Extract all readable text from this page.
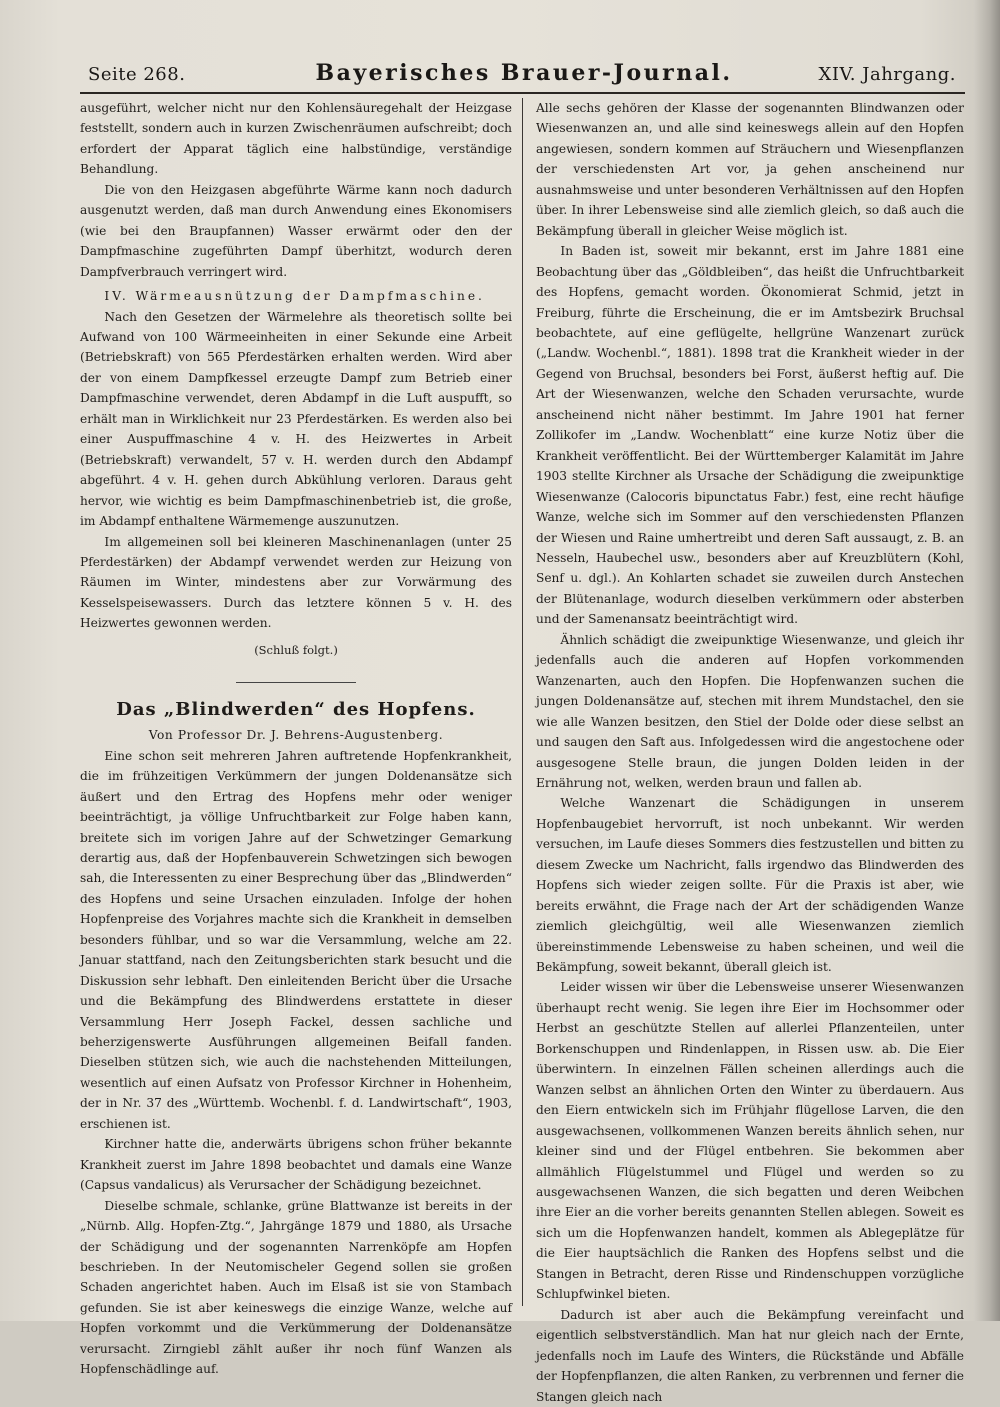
Seite 268.	Bayerisches Brauer-Journal.	XIV. Jahrgang.

ausgeführt, welcher nicht nur den Kohlensäuregehalt der Heizgase feststellt, sondern auch in kurzen Zwischenräumen aufschreibt; doch erfordert der Apparat täglich eine halbstündige, verständige Behandlung.

Die von den Heizgasen abgeführte Wärme kann noch dadurch ausgenutzt werden, daß man durch Anwendung eines Ekonomisers (wie bei den Braupfannen) Wasser erwärmt oder den der Dampfmaschine zugeführten Dampf überhitzt, wodurch deren Dampfverbrauch verringert wird.

IV. Wärmeausnützung der Dampfmaschine.

Nach den Gesetzen der Wärmelehre als theoretisch sollte bei Aufwand von 100 Wärmeeinheiten in einer Sekunde eine Arbeit (Betriebskraft) von 565 Pferdestärken erhalten werden. Wird aber der von einem Dampfkessel erzeugte Dampf zum Betrieb einer Dampfmaschine verwendet, deren Abdampf in die Luft auspufft, so erhält man in Wirklichkeit nur 23 Pferdestärken. Es werden also bei einer Auspuffmaschine 4 v. H. des Heizwertes in Arbeit (Betriebskraft) verwandelt, 57 v. H. werden durch den Abdampf abgeführt. 4 v. H. gehen durch Abkühlung verloren. Daraus geht hervor, wie wichtig es beim Dampfmaschinenbetrieb ist, die große, im Abdampf enthaltene Wärmemenge auszunutzen.

Im allgemeinen soll bei kleineren Maschinenanlagen (unter 25 Pferdestärken) der Abdampf verwendet werden zur Heizung von Räumen im Winter, mindestens aber zur Vorwärmung des Kesselspeisewassers. Durch das letztere können 5 v. H. des Heizwertes gewonnen werden.

(Schluß folgt.)

Das „Blindwerden“ des Hopfens.

Von Professor Dr. J. Behrens-Augustenberg.

Eine schon seit mehreren Jahren auftretende Hopfenkrankheit, die im frühzeitigen Verkümmern der jungen Doldenansätze sich äußert und den Ertrag des Hopfens mehr oder weniger beeinträchtigt, ja völlige Unfruchtbarkeit zur Folge haben kann, breitete sich im vorigen Jahre auf der Schwetzinger Gemarkung derartig aus, daß der Hopfenbauverein Schwetzingen sich bewogen sah, die Interessenten zu einer Besprechung über das „Blindwerden“ des Hopfens und seine Ursachen einzuladen. Infolge der hohen Hopfenpreise des Vorjahres machte sich die Krankheit in demselben besonders fühlbar, und so war die Versammlung, welche am 22. Januar stattfand, nach den Zeitungsberichten stark besucht und die Diskussion sehr lebhaft. Den einleitenden Bericht über die Ursache und die Bekämpfung des Blindwerdens erstattete in dieser Versammlung Herr Joseph Fackel, dessen sachliche und beherzigenswerte Ausführungen allgemeinen Beifall fanden. Dieselben stützen sich, wie auch die nachstehenden Mitteilungen, wesentlich auf einen Aufsatz von Professor Kirchner in Hohenheim, der in Nr. 37 des „Württemb. Wochenbl. f. d. Landwirtschaft“, 1903, erschienen ist.

Kirchner hatte die, anderwärts übrigens schon früher bekannte Krankheit zuerst im Jahre 1898 beobachtet und damals eine Wanze (Capsus vandalicus) als Verursacher der Schädigung bezeichnet.

Dieselbe schmale, schlanke, grüne Blattwanze ist bereits in der „Nürnb. Allg. Hopfen-Ztg.“, Jahrgänge 1879 und 1880, als Ursache der Schädigung und der sogenannten Narrenköpfe am Hopfen beschrieben. In der Neutomischeler Gegend sollen sie großen Schaden angerichtet haben. Auch im Elsaß ist sie von Stambach gefunden. Sie ist aber keineswegs die einzige Wanze, welche auf Hopfen vorkommt und die Verkümmerung der Doldenansätze verursacht. Zirngiebl zählt außer ihr noch fünf Wanzen als Hopfenschädlinge auf.

Alle sechs gehören der Klasse der sogenannten Blindwanzen oder Wiesenwanzen an, und alle sind keineswegs allein auf den Hopfen angewiesen, sondern kommen auf Sträuchern und Wiesenpflanzen der verschiedensten Art vor, ja gehen anscheinend nur ausnahmsweise und unter besonderen Verhältnissen auf den Hopfen über. In ihrer Lebensweise sind alle ziemlich gleich, so daß auch die Bekämpfung überall in gleicher Weise möglich ist.

In Baden ist, soweit mir bekannt, erst im Jahre 1881 eine Beobachtung über das „Göldbleiben“, das heißt die Unfruchtbarkeit des Hopfens, gemacht worden. Ökonomierat Schmid, jetzt in Freiburg, führte die Erscheinung, die er im Amtsbezirk Bruchsal beobachtete, auf eine geflügelte, hellgrüne Wanzenart zurück („Landw. Wochenbl.“, 1881). 1898 trat die Krankheit wieder in der Gegend von Bruchsal, besonders bei Forst, äußerst heftig auf. Die Art der Wiesenwanzen, welche den Schaden verursachte, wurde anscheinend nicht näher bestimmt. Im Jahre 1901 hat ferner Zollikofer im „Landw. Wochenblatt“ eine kurze Notiz über die Krankheit veröffentlicht. Bei der Württemberger Kalamität im Jahre 1903 stellte Kirchner als Ursache der Schädigung die zweipunktige Wiesenwanze (Calocoris bipunctatus Fabr.) fest, eine recht häufige Wanze, welche sich im Sommer auf den verschiedensten Pflanzen der Wiesen und Raine umhertreibt und deren Saft aussaugt, z. B. an Nesseln, Haubechel usw., besonders aber auf Kreuzblütern (Kohl, Senf u. dgl.). An Kohlarten schadet sie zuweilen durch Anstechen der Blütenanlage, wodurch dieselben verkümmern oder absterben und der Samenansatz beeinträchtigt wird.

Ähnlich schädigt die zweipunktige Wiesenwanze, und gleich ihr jedenfalls auch die anderen auf Hopfen vorkommenden Wanzenarten, auch den Hopfen. Die Hopfenwanzen suchen die jungen Doldenansätze auf, stechen mit ihrem Mundstachel, den sie wie alle Wanzen besitzen, den Stiel der Dolde oder diese selbst an und saugen den Saft aus. Infolgedessen wird die angestochene oder ausgesogene Stelle braun, die jungen Dolden leiden in der Ernährung not, welken, werden braun und fallen ab.

Welche Wanzenart die Schädigungen in unserem Hopfenbaugebiet hervorruft, ist noch unbekannt. Wir werden versuchen, im Laufe dieses Sommers dies festzustellen und bitten zu diesem Zwecke um Nachricht, falls irgendwo das Blindwerden des Hopfens sich wieder zeigen sollte. Für die Praxis ist aber, wie bereits erwähnt, die Frage nach der Art der schädigenden Wanze ziemlich gleichgültig, weil alle Wiesenwanzen ziemlich übereinstimmende Lebensweise zu haben scheinen, und weil die Bekämpfung, soweit bekannt, überall gleich ist.

Leider wissen wir über die Lebensweise unserer Wiesenwanzen überhaupt recht wenig. Sie legen ihre Eier im Hochsommer oder Herbst an geschützte Stellen auf allerlei Pflanzenteilen, unter Borkenschuppen und Rindenlappen, in Rissen usw. ab. Die Eier überwintern. In einzelnen Fällen scheinen allerdings auch die Wanzen selbst an ähnlichen Orten den Winter zu überdauern. Aus den Eiern entwickeln sich im Frühjahr flügellose Larven, die den ausgewachsenen, vollkommenen Wanzen bereits ähnlich sehen, nur kleiner sind und der Flügel entbehren. Sie bekommen aber allmählich Flügelstummel und Flügel und werden so zu ausgewachsenen Wanzen, die sich begatten und deren Weibchen ihre Eier an die vorher bereits genannten Stellen ablegen. Soweit es sich um die Hopfenwanzen handelt, kommen als Ablegeplätze für die Eier hauptsächlich die Ranken des Hopfens selbst und die Stangen in Betracht, deren Risse und Rindenschuppen vorzügliche Schlupfwinkel bieten.

Dadurch ist aber auch die Bekämpfung vereinfacht und eigentlich selbstverständlich. Man hat nur gleich nach der Ernte, jedenfalls noch im Laufe des Winters, die Rückstände und Abfälle der Hopfenpflanzen, die alten Ranken, zu verbrennen und ferner die Stangen gleich nach
